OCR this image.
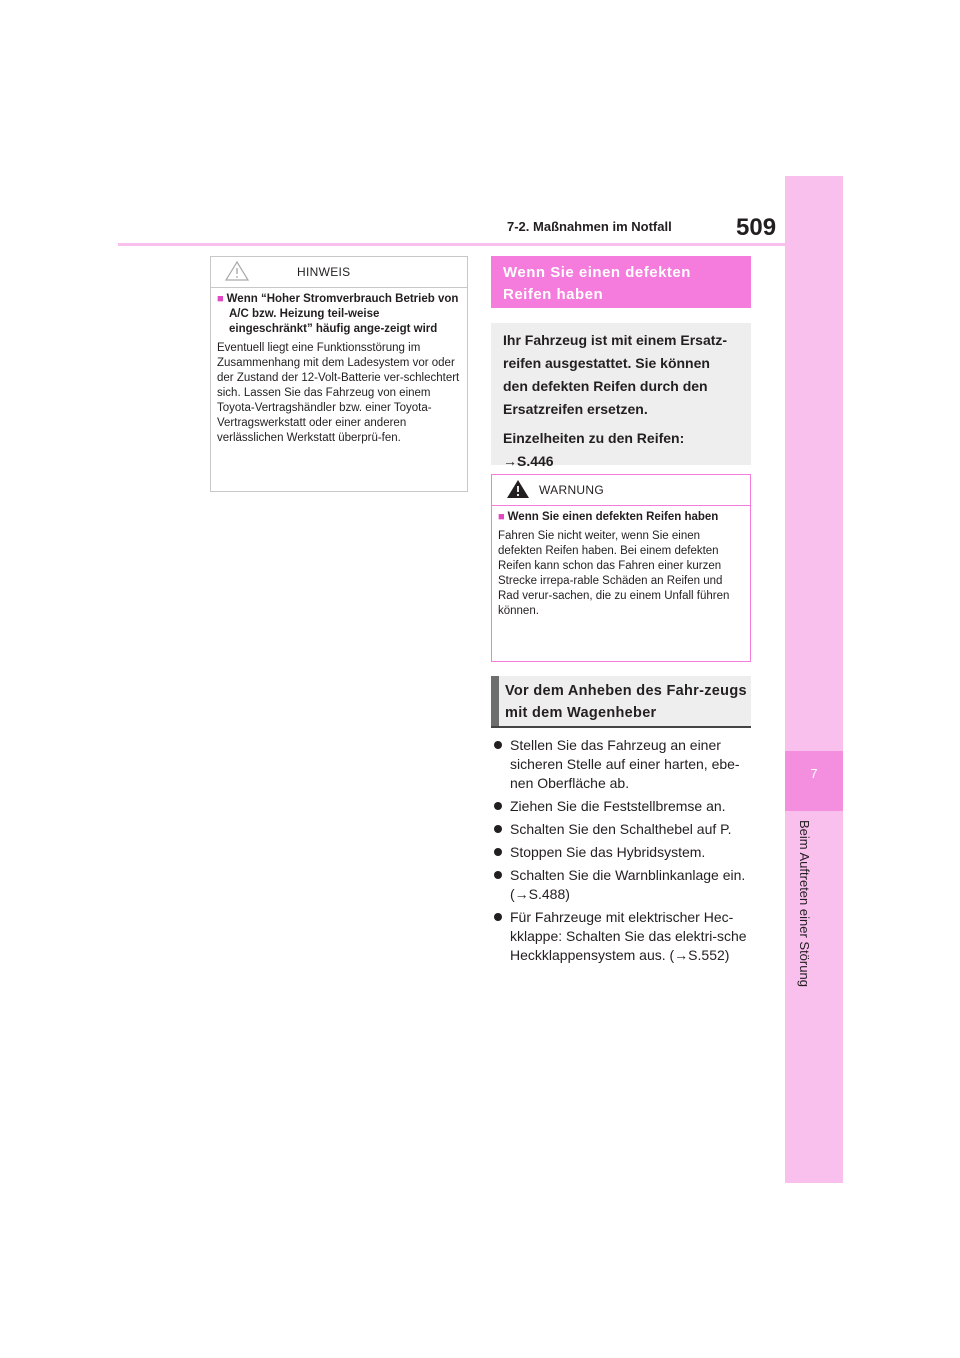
7
Beim Auftreten einer Störung
7-2. Maßnahmen im Notfall	509
HINWEIS
■ Wenn “Hoher Stromverbrauch Betrieb von A/C bzw. Heizung teil-weise eingeschränkt” häufig ange-zeigt wird
Eventuell liegt eine Funktionsstörung im Zusammenhang mit dem Ladesystem vor oder der Zustand der 12-Volt-Batterie ver-schlechtert sich. Lassen Sie das Fahrzeug von einem Toyota-Vertragshändler bzw. einer Toyota-Vertragswerkstatt oder einer anderen verlässlichen Werkstatt überprü-fen.
Wenn Sie einen defekten Reifen haben
Ihr Fahrzeug ist mit einem Ersatz-
reifen ausgestattet. Sie können
den defekten Reifen durch den
Ersatzreifen ersetzen.
Einzelheiten zu den Reifen:
→S.446
WARNUNG
■ Wenn Sie einen defekten Reifen haben
Fahren Sie nicht weiter, wenn Sie einen defekten Reifen haben. Bei einem defekten Reifen kann schon das Fahren einer kurzen Strecke irrepa-rable Schäden an Reifen und Rad verur-sachen, die zu einem Unfall führen können.
Vor dem Anheben des Fahr-zeugs mit dem Wagenheber
Stellen Sie das Fahrzeug an einer sicheren Stelle auf einer harten, ebe-nen Oberfläche ab.
Ziehen Sie die Feststellbremse an.
Schalten Sie den Schalthebel auf P.
Stoppen Sie das Hybridsystem.
Schalten Sie die Warnblinkanlage ein. (→S.488)
Für Fahrzeuge mit elektrischer Hec-kklappe: Schalten Sie das elektri-sche Heckklappensystem aus. (→S.552)
